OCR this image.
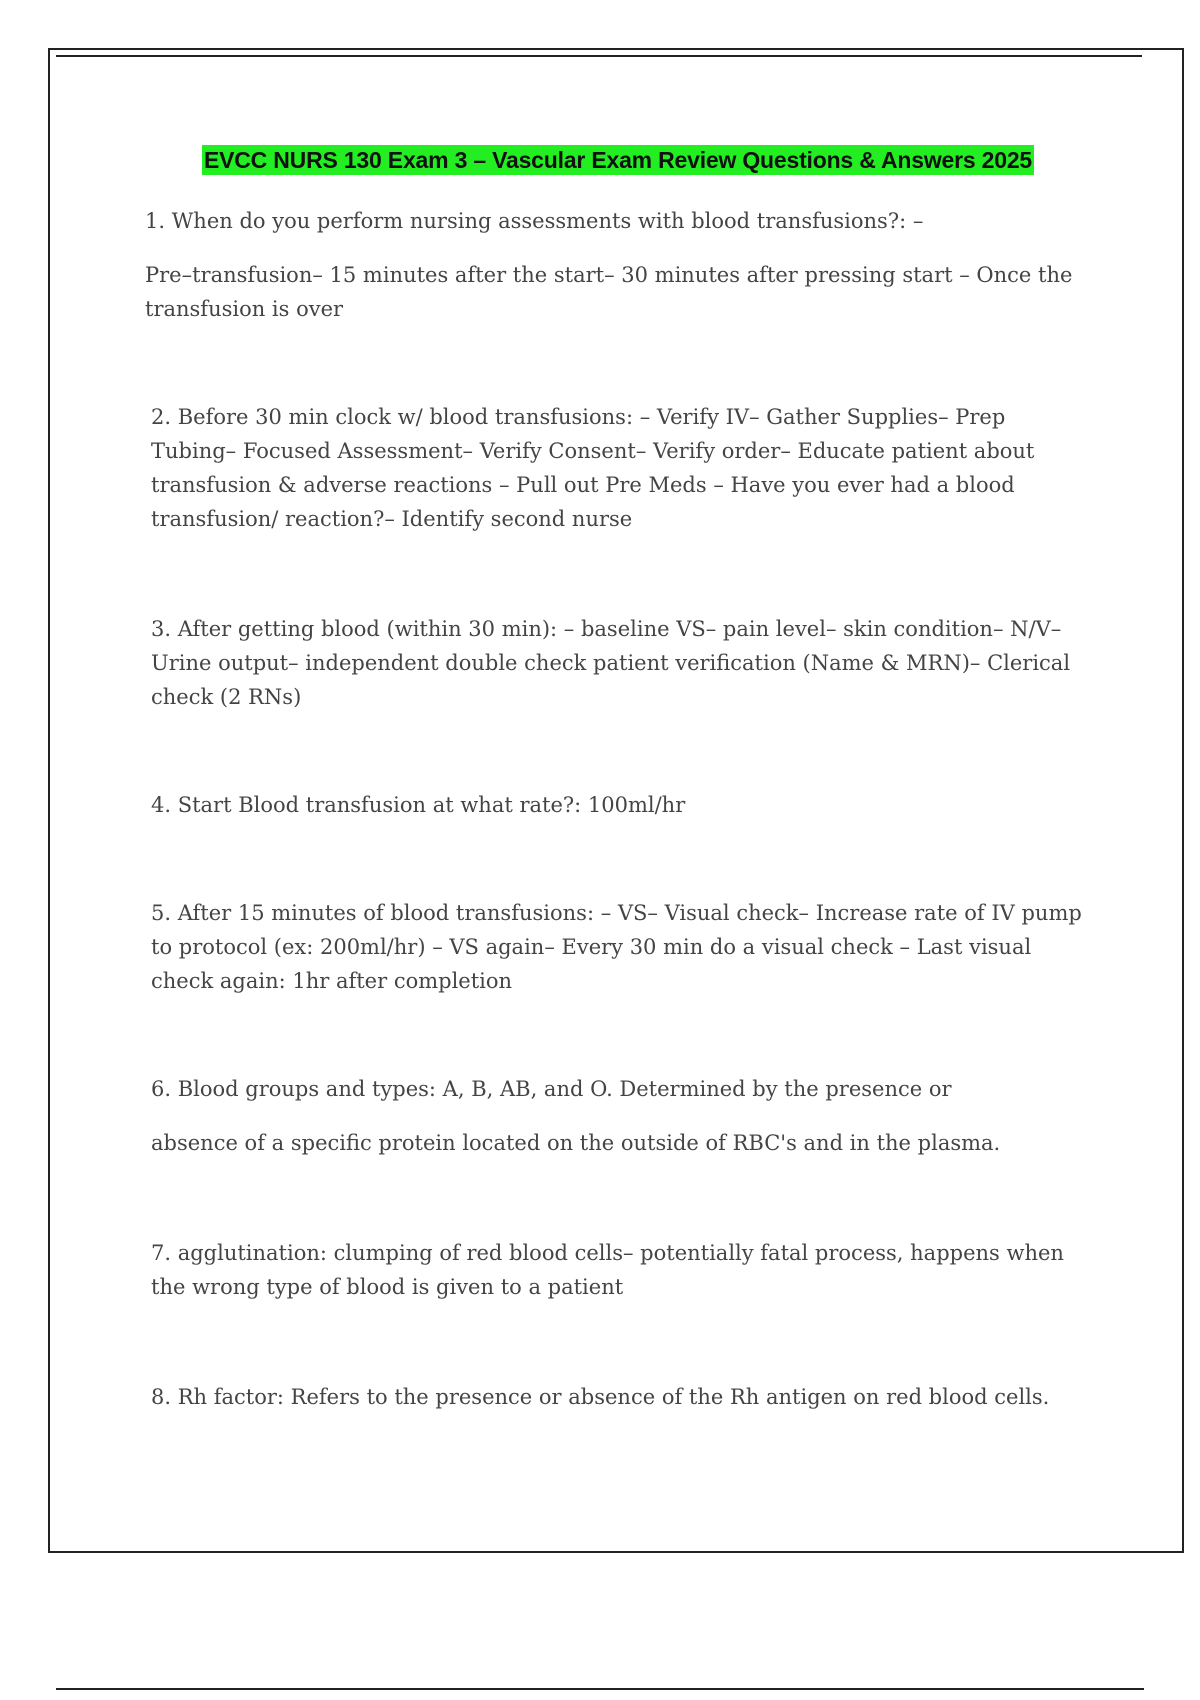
EVCC NURS 130 Exam 3 – Vascular Exam Review Questions & Answers 2025

1. When do you perform nursing assessments with blood transfusions?: –

Pre–transfusion– 15 minutes after the start– 30 minutes after pressing start – Once the transfusion is over

2. Before 30 min clock w/ blood transfusions: – Verify IV– Gather Supplies– Prep Tubing– Focused Assessment– Verify Consent– Verify order– Educate patient about transfusion & adverse reactions – Pull out Pre Meds – Have you ever had a blood transfusion/ reaction?– Identify second nurse

3. After getting blood (within 30 min): – baseline VS– pain level– skin condition– N/V– Urine output– independent double check patient verification (Name & MRN)– Clerical check (2 RNs)

4. Start Blood transfusion at what rate?: 100ml/hr

5. After 15 minutes of blood transfusions: – VS– Visual check– Increase rate of IV pump to protocol (ex: 200ml/hr) – VS again– Every 30 min do a visual check – Last visual check again: 1hr after completion

6. Blood groups and types: A, B, AB, and O. Determined by the presence or

absence of a specific protein located on the outside of RBC's and in the plasma.

7. agglutination: clumping of red blood cells– potentially fatal process, happens when the wrong type of blood is given to a patient

8. Rh factor: Refers to the presence or absence of the Rh antigen on red blood cells.
